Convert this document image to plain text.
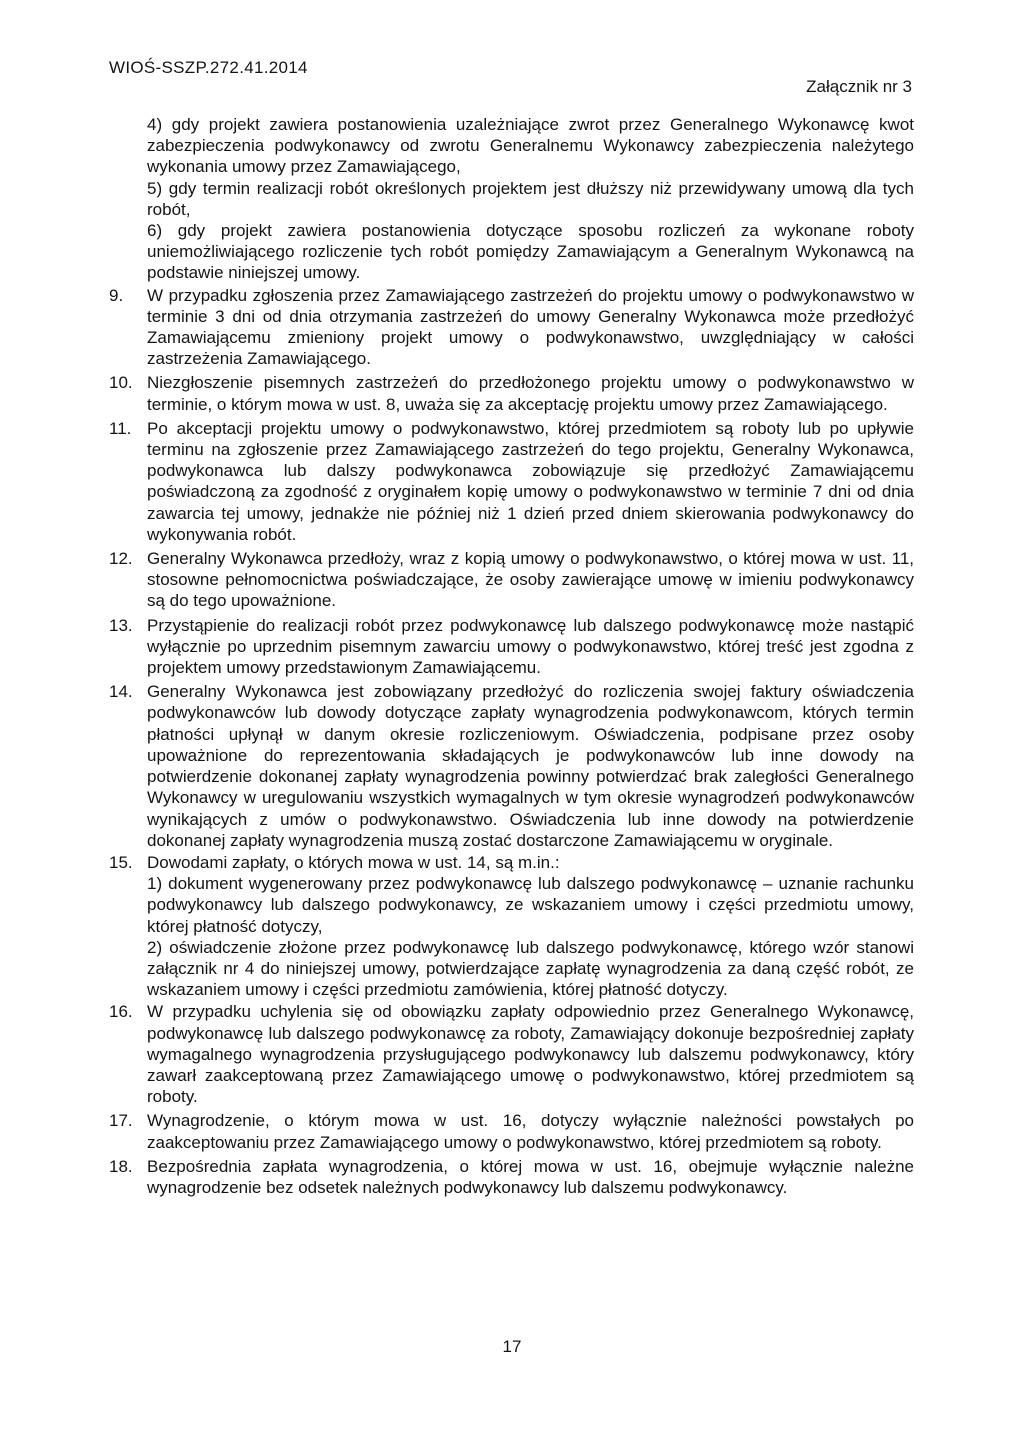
WIOŚ-SSZP.272.41.2014
Załącznik nr 3

4) gdy projekt zawiera postanowienia uzależniające zwrot przez Generalnego Wykonawcę kwot zabezpieczenia podwykonawcy od zwrotu Generalnemu Wykonawcy zabezpieczenia należytego wykonania umowy przez Zamawiającego,

5) gdy termin realizacji robót określonych projektem jest dłuższy niż przewidywany umową dla tych robót,

6) gdy projekt zawiera postanowienia dotyczące sposobu rozliczeń za wykonane roboty uniemożliwiającego rozliczenie tych robót pomiędzy Zamawiającym a Generalnym Wykonawcą na podstawie niniejszej umowy.

9.	W przypadku zgłoszenia przez Zamawiającego zastrzeżeń do projektu umowy o podwykonawstwo w terminie 3 dni od dnia otrzymania zastrzeżeń do umowy Generalny Wykonawca może przedłożyć Zamawiającemu zmieniony projekt umowy o podwykonawstwo, uwzględniający w całości zastrzeżenia Zamawiającego.

10. Niezgłoszenie pisemnych zastrzeżeń do przedłożonego projektu umowy o podwykonawstwo w terminie, o którym mowa w ust. 8, uważa się za akceptację projektu umowy przez Zamawiającego.

11. Po akceptacji projektu umowy o podwykonawstwo, której przedmiotem są roboty lub po upływie terminu na zgłoszenie przez Zamawiającego zastrzeżeń do tego projektu, Generalny Wykonawca, podwykonawca lub dalszy podwykonawca zobowiązuje się przedłożyć Zamawiającemu poświadczoną za zgodność z oryginałem kopię umowy o podwykonawstwo w terminie 7 dni od dnia zawarcia tej umowy, jednakże nie później niż 1 dzień przed dniem skierowania podwykonawcy do wykonywania robót.

12. Generalny Wykonawca przedłoży, wraz z kopią umowy o podwykonawstwo, o której mowa w ust. 11, stosowne pełnomocnictwa poświadczające, że osoby zawierające umowę w imieniu podwykonawcy są do tego upoważnione.

13. Przystąpienie do realizacji robót przez podwykonawcę lub dalszego podwykonawcę może nastąpić wyłącznie po uprzednim pisemnym zawarciu umowy o podwykonawstwo, której treść jest zgodna z projektem umowy przedstawionym Zamawiającemu.

14. Generalny Wykonawca jest zobowiązany przedłożyć do rozliczenia swojej faktury oświadczenia podwykonawców lub dowody dotyczące zapłaty wynagrodzenia podwykonawcom, których termin płatności upłynął w danym okresie rozliczeniowym. Oświadczenia, podpisane przez osoby upoważnione do reprezentowania składających je podwykonawców lub inne dowody na potwierdzenie dokonanej zapłaty wynagrodzenia powinny potwierdzać brak zaległości Generalnego Wykonawcy w uregulowaniu wszystkich wymagalnych w tym okresie wynagrodzeń podwykonawców wynikających z umów o podwykonawstwo. Oświadczenia lub inne dowody na potwierdzenie dokonanej zapłaty wynagrodzenia muszą zostać dostarczone Zamawiającemu w oryginale.

15. Dowodami zapłaty, o których mowa w ust. 14, są m.in.:

1) dokument wygenerowany przez podwykonawcę lub dalszego podwykonawcę – uznanie rachunku podwykonawcy lub dalszego podwykonawcy, ze wskazaniem umowy i części przedmiotu umowy, której płatność dotyczy,

2) oświadczenie złożone przez podwykonawcę lub dalszego podwykonawcę, którego wzór stanowi załącznik nr 4 do niniejszej umowy, potwierdzające zapłatę wynagrodzenia za daną część robót, ze wskazaniem umowy i części przedmiotu zamówienia, której płatność dotyczy.

16. W przypadku uchylenia się od obowiązku zapłaty odpowiednio przez Generalnego Wykonawcę, podwykonawcę lub dalszego podwykonawcę za roboty, Zamawiający dokonuje bezpośredniej zapłaty wymagalnego wynagrodzenia przysługującego podwykonawcy lub dalszemu podwykonawcy, który zawarł zaakceptowaną przez Zamawiającego umowę o podwykonawstwo, której przedmiotem są roboty.

17. Wynagrodzenie, o którym mowa w ust. 16, dotyczy wyłącznie należności powstałych po zaakceptowaniu przez Zamawiającego umowy o podwykonawstwo, której przedmiotem są roboty.

18. Bezpośrednia zapłata wynagrodzenia, o której mowa w ust. 16, obejmuje wyłącznie należne wynagrodzenie bez odsetek należnych podwykonawcy lub dalszemu podwykonawcy.

17
